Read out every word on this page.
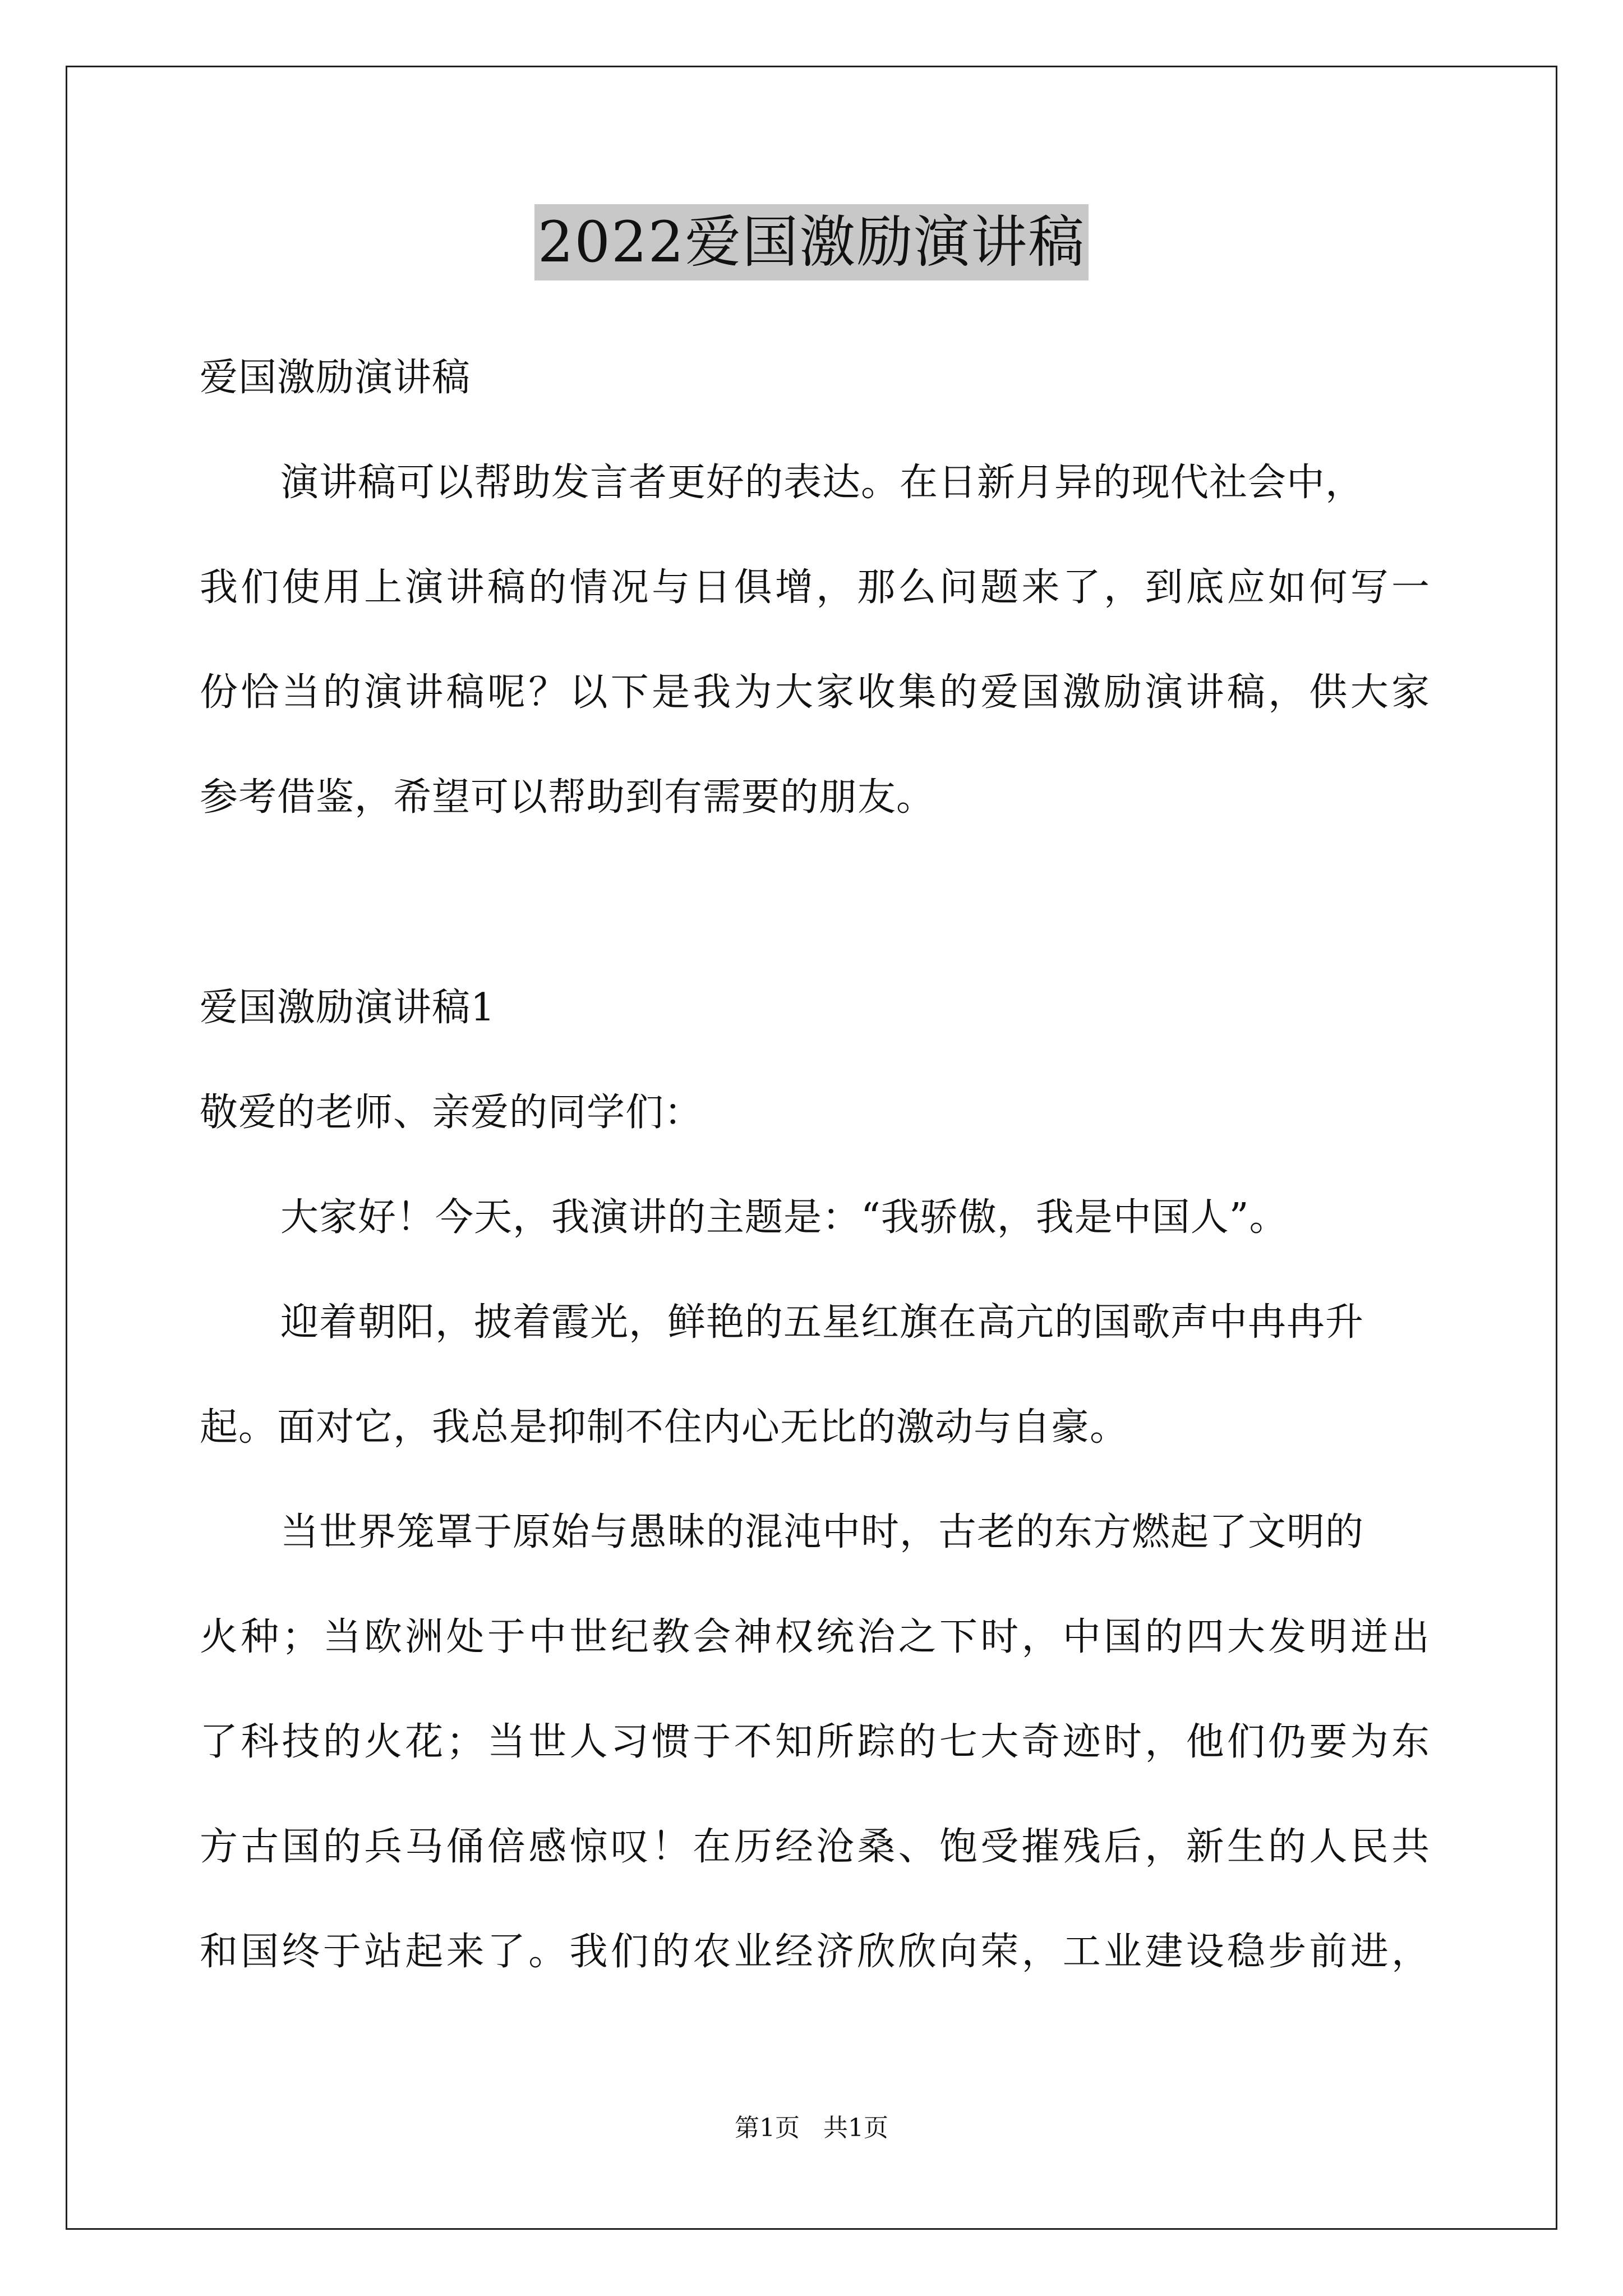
2022爱国激励演讲稿
爱国激励演讲稿
演讲稿可以帮助发言者更好的表达。在日新月异的现代社会中，
我们使用上演讲稿的情况与日俱增，那么问题来了，到底应如何写一
份恰当的演讲稿呢？以下是我为大家收集的爱国激励演讲稿，供大家
参考借鉴，希望可以帮助到有需要的朋友。
爱国激励演讲稿1
敬爱的老师、亲爱的同学们：
大家好！今天，我演讲的主题是：“我骄傲，我是中国人”。
迎着朝阳，披着霞光，鲜艳的五星红旗在高亢的国歌声中冉冉升
起。面对它，我总是抑制不住内心无比的激动与自豪。
当世界笼罩于原始与愚昧的混沌中时，古老的东方燃起了文明的
火种；当欧洲处于中世纪教会神权统治之下时，中国的四大发明迸出
了科技的火花；当世人习惯于不知所踪的七大奇迹时，他们仍要为东
方古国的兵马俑倍感惊叹！在历经沧桑、饱受摧残后，新生的人民共
和国终于站起来了。我们的农业经济欣欣向荣，工业建设稳步前进，
第1页   共1页
